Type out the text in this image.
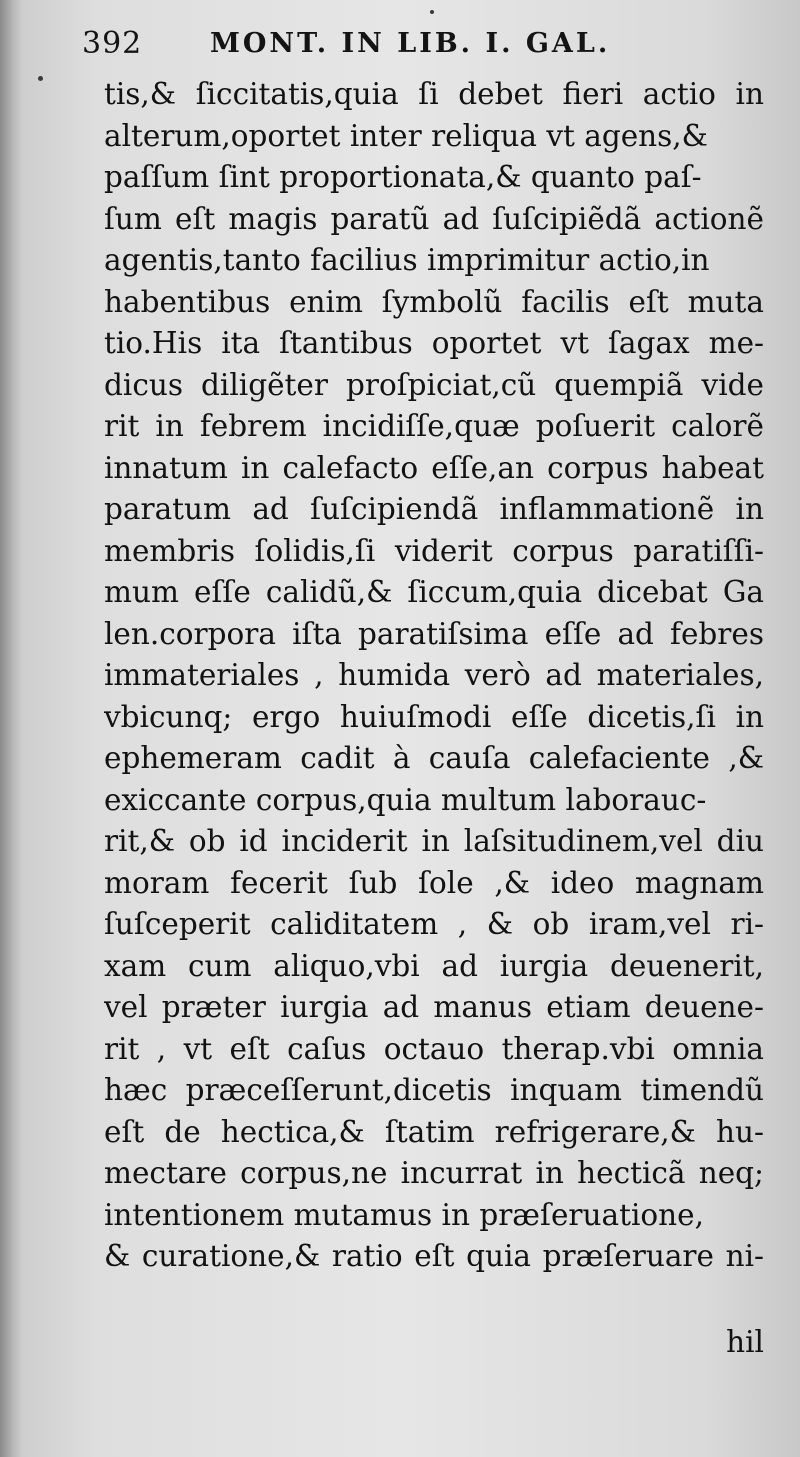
392	MONT. IN LIB. I. GAL.
tis,& ſiccitatis,quia ſi debet fieri actio in
alterum,oportet inter reliqua vt agens,&
paſſum ſint proportionata,& quanto paſ-
ſum eſt magis paratũ ad ſuſcipiẽdã actionẽ
agentis,tanto facilius imprimitur actio,in
habentibus enim ſymbolũ facilis eſt muta
tio.His ita ſtantibus oportet vt ſagax me-
dicus diligẽter proſpiciat,cũ quempiã vide
rit in febrem incidiſſe,quæ poſuerit calorẽ
innatum in calefacto eſſe,an corpus habeat
paratum ad ſuſcipiendã inflammationẽ in
membris ſolidis,ſi viderit corpus paratiſſi-
mum eſſe calidũ,& ſiccum,quia dicebat Ga
len.corpora iſta paratiſsima eſſe ad febres
immateriales , humida verò ad materiales,
vbicunq; ergo huiuſmodi eſſe dicetis,ſi in
ephemeram cadit à cauſa calefaciente ,&
exiccante corpus,quia multum laborauc-
rit,& ob id inciderit in laſsitudinem,vel diu
moram fecerit ſub ſole ,& ideo magnam
ſuſceperit caliditatem , & ob iram,vel ri-
xam cum aliquo,vbi ad iurgia deuenerit,
vel præter iurgia ad manus etiam deuene-
rit , vt eſt caſus octauo therap.vbi omnia
hæc præceſſerunt,dicetis inquam timendũ
eſt de hectica,& ſtatim refrigerare,& hu-
mectare corpus,ne incurrat in hecticã neq;
intentionem mutamus in præſeruatione,
& curatione,& ratio eſt quia præſeruare ni-
hil
